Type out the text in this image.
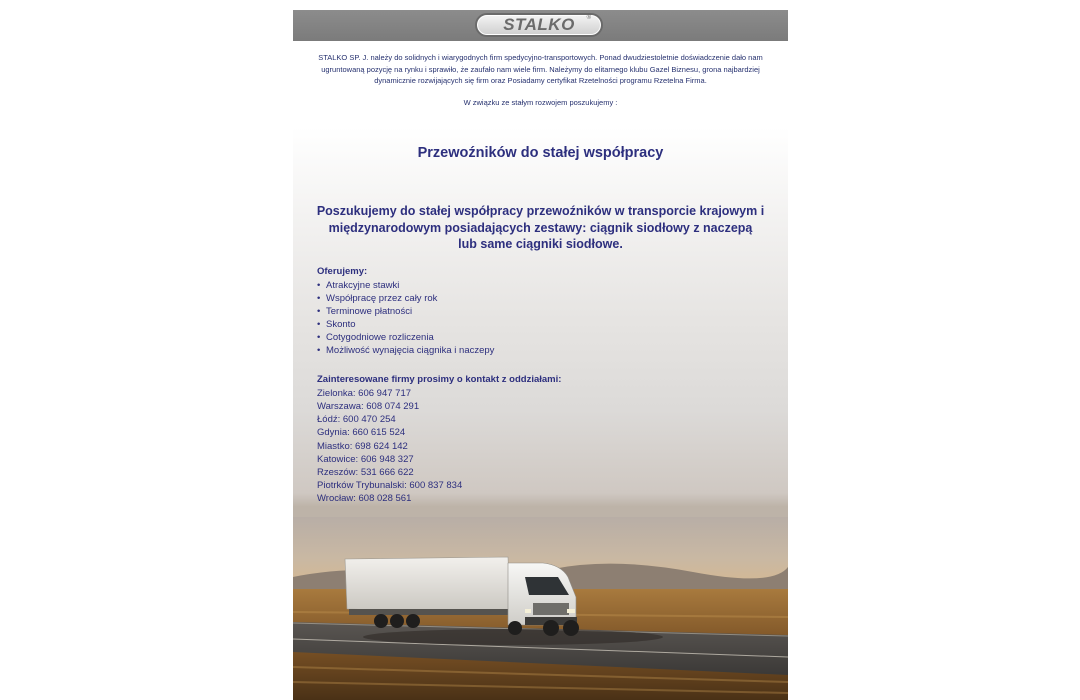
STALKO	®

STALKO SP. J. należy do solidnych i wiarygodnych firm spedycyjno-transportowych. Ponad dwudziestoletnie doświadczenie dało nam ugruntowaną pozycję na rynku i sprawiło, że zaufało nam wiele firm. Należymy do elitarnego klubu Gazel Biznesu, grona najbardziej dynamicznie rozwijających się firm oraz Posiadamy certyfikat Rzetelności programu Rzetelna Firma.

W związku ze stałym rozwojem poszukujemy :

Przewoźników do stałej współpracy

Poszukujemy do stałej współpracy przewoźników w transporcie krajowym i
międzynarodowym posiadających zestawy: ciągnik siodłowy z naczepą
lub same ciągniki siodłowe.

Oferujemy:

• Atrakcyjne stawki
• Współpracę przez cały rok
• Terminowe płatności
• Skonto
• Cotygodniowe rozliczenia
• Możliwość wynajęcia ciągnika i naczepy

Zainteresowane firmy prosimy o kontakt z oddziałami:

Zielonka: 606 947 717
Warszawa: 608 074 291
Łódź: 600 470 254
Gdynia: 660 615 524
Miastko: 698 624 142
Katowice: 606 948 327
Rzeszów: 531 666 622
Piotrków Trybunalski: 600 837 834
Wrocław: 608 028 561
